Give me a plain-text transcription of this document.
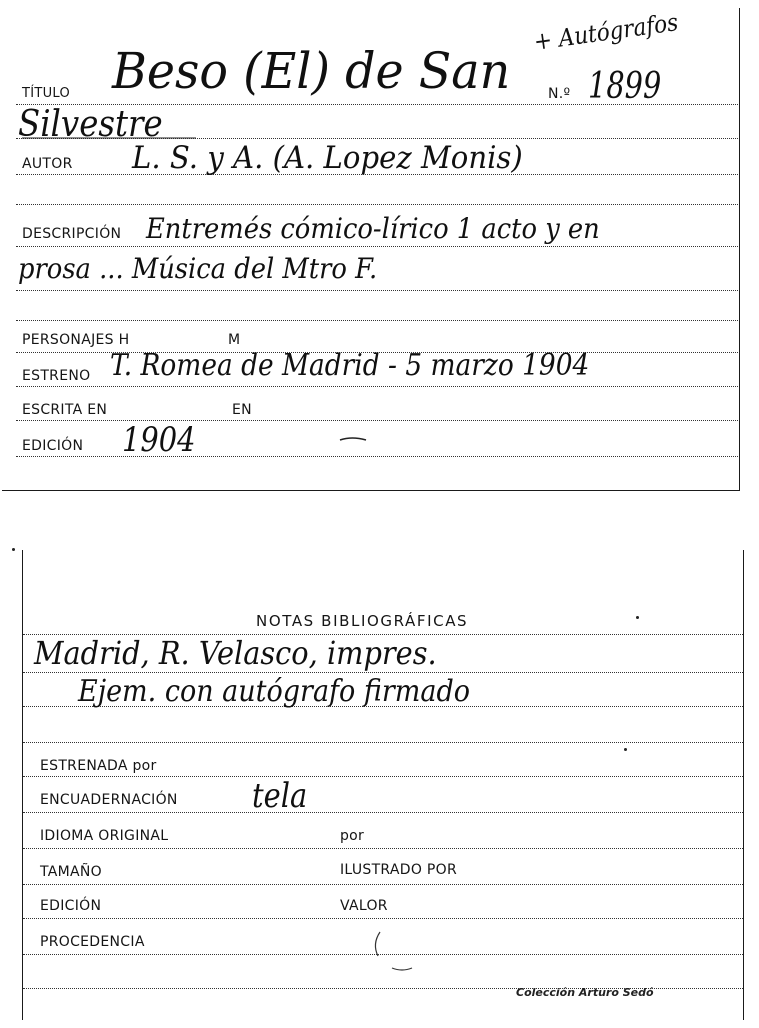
TÍTULO Beso (El) de San	N.º 1899
+ Autógrafos
Silvestre
AUTOR L. S. y A. (A. Lopez Monis)
DESCRIPCIÓN Entremés cómico-lírico 1 acto y en
prosa ... Música del Mtro F.
PERSONAJES H	M
ESTRENO T. Romea de Madrid - 5 marzo 1904
ESCRITA EN	EN
EDICIÓN 1904
NOTAS BIBLIOGRÁFICAS
Madrid, R. Velasco, impres.
Ejem. con autógrafo firmado
ESTRENADA por
ENCUADERNACIÓN tela
IDIOMA ORIGINAL	por
TAMAÑO	ILUSTRADO POR
EDICIÓN	VALOR
PROCEDENCIA
Colección Arturo Sedó
